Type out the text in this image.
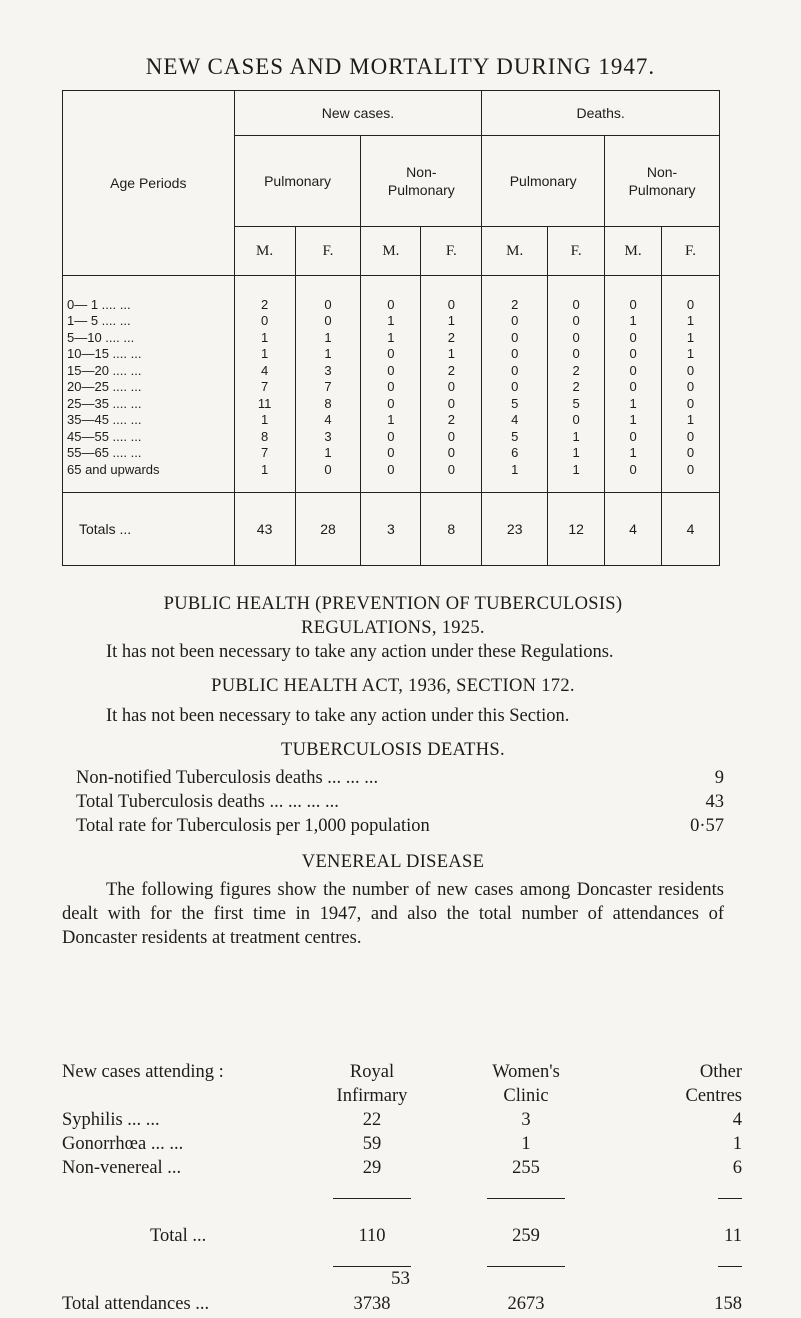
NEW CASES AND MORTALITY DURING 1947.
Age Periods	New cases.				Deaths.			
	Pulmonary		Non-
Pulmonary		Pulmonary		Non-
Pulmonary	
	M.	F.	M.	F.	M.	F.	M.	F.

0— 1 .... ...	2	0	0	0	2	0	0	0
1— 5 .... ...	0	0	1	1	0	0	1	1
5—10 .... ...	1	1	1	2	0	0	0	1
10—15 .... ...	1	1	0	1	0	0	0	1
15—20 .... ...	4	3	0	2	0	2	0	0
20—25 .... ...	7	7	0	0	0	2	0	0
25—35 .... ...	11	8	0	0	5	5	1	0
35—45 .... ...	1	4	1	2	4	0	1	1
45—55 .... ...	8	3	0	0	5	1	0	0
55—65 .... ...	7	1	0	0	6	1	1	0
65 and upwards	1	0	0	0	1	1	0	0

Totals ...	43	28	3	8	23	12	4	4

PUBLIC HEALTH (PREVENTION OF TUBERCULOSIS)

REGULATIONS, 1925.

It has not been necessary to take any action under these Regulations.

PUBLIC HEALTH ACT, 1936, SECTION 172.

It has not been necessary to take any action under this Section.

TUBERCULOSIS DEATHS.

Non-notified Tuberculosis deaths ... ... ...	9
Total Tuberculosis deaths ... ... ... ...	43
Total rate for Tuberculosis per 1,000 population	0·57

VENEREAL DISEASE

The following figures show the number of new cases among Doncaster residents dealt with for the first time in 1947, and also the total number of attendances of Doncaster residents at treatment centres.

New cases attending :	Royal	Women's	Other
Infirmary	Clinic	Centres
Syphilis ... ...	22	3	4
Gonorrhœa ... ...	59	1	1
Non-venereal ...	29	255	6
Total ...	110	259	11
Total attendances ...	3738	2673	158
53
